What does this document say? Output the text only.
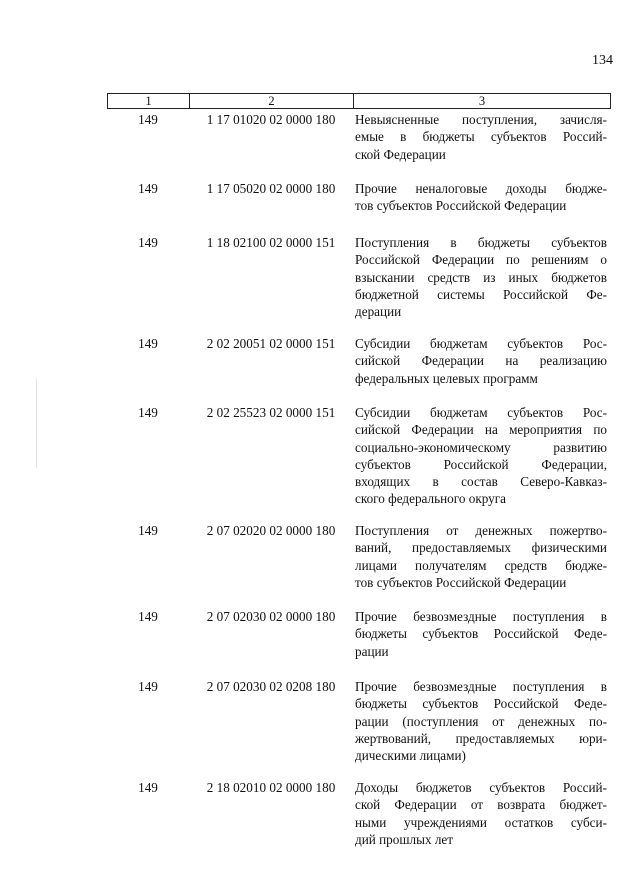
134
1	2	3
149	1 17 01020 02 0000 180	Невыясненные поступления, зачисля-
емые в бюджеты субъектов Россий-
ской Федерации
149	1 17 05020 02 0000 180	Прочие неналоговые доходы бюдже-
тов субъектов Российской Федерации
149	1 18 02100 02 0000 151	Поступления в бюджеты субъектов
Российской Федерации по решениям о
взыскании средств из иных бюджетов
бюджетной системы Российской Фе-
дерации
149	2 02 20051 02 0000 151	Субсидии бюджетам субъектов Рос-
сийской Федерации на реализацию
федеральных целевых программ
149	2 02 25523 02 0000 151	Субсидии бюджетам субъектов Рос-
сийской Федерации на мероприятия по
социально-экономическому развитию
субъектов Российской Федерации,
входящих в состав Северо-Кавказ-
ского федерального округа
149	2 07 02020 02 0000 180	Поступления от денежных пожертво-
ваний, предоставляемых физическими
лицами получателям средств бюдже-
тов субъектов Российской Федерации
149	2 07 02030 02 0000 180	Прочие безвозмездные поступления в
бюджеты субъектов Российской Феде-
рации
149	2 07 02030 02 0208 180	Прочие безвозмездные поступления в
бюджеты субъектов Российской Феде-
рации (поступления от денежных по-
жертвований, предоставляемых юри-
дическими лицами)
149	2 18 02010 02 0000 180	Доходы бюджетов субъектов Россий-
ской Федерации от возврата бюджет-
ными учреждениями остатков субси-
дий прошлых лет
